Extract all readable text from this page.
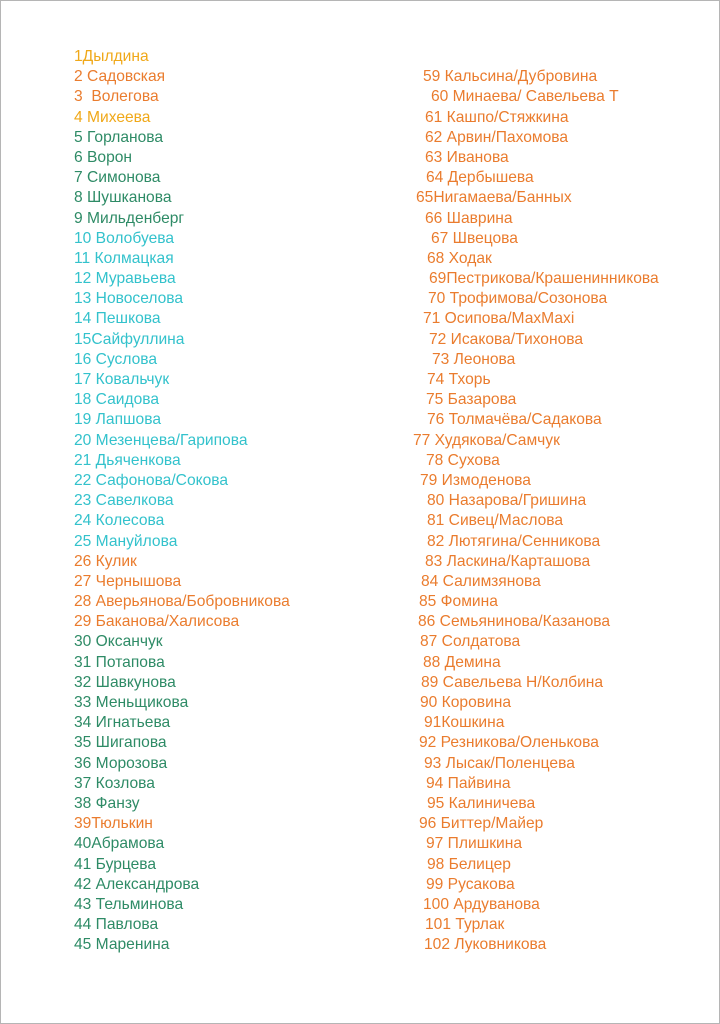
1Дылдина
2 Садовская
3  Волегова
4 Михеева
5 Горланова
6 Ворон
7 Симонова
8 Шушканова
9 Мильденберг
10 Волобуева
11 Колмацкая
12 Муравьева
13 Новоселова
14 Пешкова
15Сайфуллина
16 Суслова
17 Ковальчук
18 Саидова
19 Лапшова
20 Мезенцева/Гарипова
21 Дьяченкова
22 Сафонова/Сокова
23 Савелкова
24 Колесова
25 Мануйлова
26 Кулик
27 Чернышова
28 Аверьянова/Бобровникова
29 Баканова/Халисова
30 Оксанчук
31 Потапова
32 Шавкунова
33 Меньщикова
34 Игнатьева
35 Шигапова
36 Морозова
37 Козлова
38 Фанзу
39Тюлькин
40Абрамова
41 Бурцева
42 Александрова
43 Тельминова
44 Павлова
45 Маренина
59 Кальсина/Дубровина
60 Минаева/ Савельева Т
61 Кашпо/Стяжкина
62 Арвин/Пахомова
63 Иванова
64 Дербышева
65Нигамаева/Банных
66 Шаврина
67 Швецова
68 Ходак
69Пестрикова/Крашенинникова
70 Трофимова/Созонова
71 Осипова/МахМахi
72 Исакова/Тихонова
73 Леонова
74 Тхорь
75 Базарова
76 Толмачёва/Садакова
77 Худякова/Самчук
78 Сухова
79 Измоденова
80 Назарова/Гришина
81 Сивец/Маслова
82 Лютягина/Сенникова
83 Ласкина/Карташова
84 Салимзянова
85 Фомина
86 Семьянинова/Казанова
87 Солдатова
88 Демина
89 Савельева Н/Колбина
90 Коровина
91Кошкина
92 Резникова/Оленькова
93 Лысак/Поленцева
94 Пайвина
95 Калиничева
96 Биттер/Майер
97 Плишкина
98 Белицер
99 Русакова
100 Ардуванова
101 Турлак
102 Луковникова
